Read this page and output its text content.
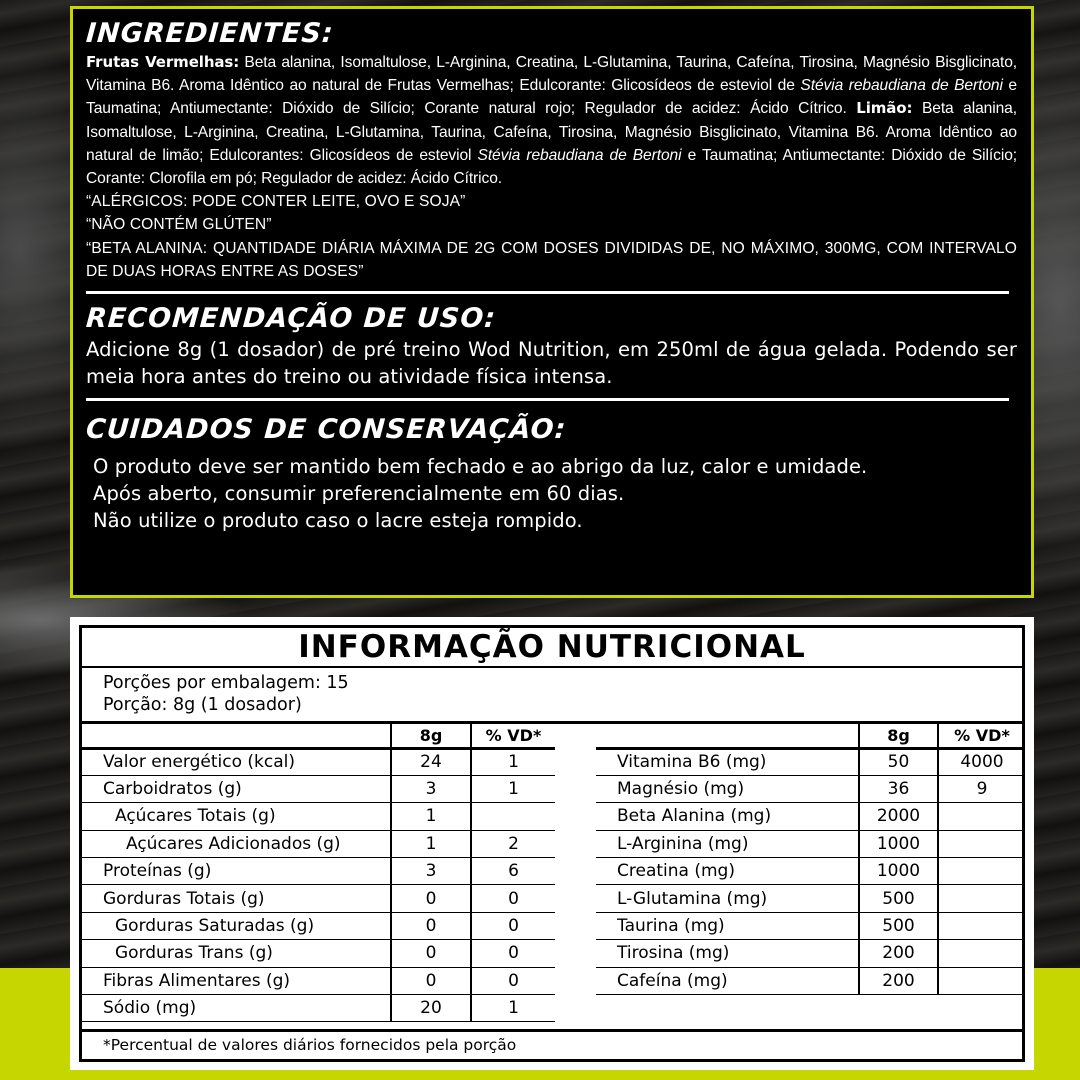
INGREDIENTES:

Frutas Vermelhas: Beta alanina, Isomaltulose, L-Arginina, Creatina, L-Glutamina, Taurina, Cafeína, Tirosina, Magnésio Bisglicinato, Vitamina B6. Aroma Idêntico ao natural de Frutas Vermelhas; Edulcorante: Glicosídeos de esteviol de Stévia rebaudiana de Bertoni e Taumatina; Antiumectante: Dióxido de Silício; Corante natural rojo; Regulador de acidez: Ácido Cítrico. Limão: Beta alanina, Isomaltulose, L-Arginina, Creatina, L-Glutamina, Taurina, Cafeína, Tirosina, Magnésio Bisglicinato, Vitamina B6. Aroma Idêntico ao natural de limão; Edulcorantes: Glicosídeos de esteviol Stévia rebaudiana de Bertoni e Taumatina; Antiumectante: Dióxido de Silício; Corante: Clorofila em pó; Regulador de acidez: Ácido Cítrico.

“ALÉRGICOS: PODE CONTER LEITE, OVO E SOJA”
“NÃO CONTÉM GLÚTEN”
“BETA ALANINA: QUANTIDADE DIÁRIA MÁXIMA DE 2G COM DOSES DIVIDIDAS DE, NO MÁXIMO, 300MG, COM INTERVALO DE DUAS HORAS ENTRE AS DOSES”
RECOMENDAÇÃO DE USO:
Adicione 8g (1 dosador) de pré treino Wod Nutrition, em 250ml de água gelada. Podendo ser meia hora antes do treino ou atividade física intensa.
CUIDADOS DE CONSERVAÇÃO:
O produto deve ser mantido bem fechado e ao abrigo da luz, calor e umidade.
Após aberto, consumir preferencialmente em 60 dias.
Não utilize o produto caso o lacre esteja rompido.
INFORMAÇÃO NUTRICIONAL
Porções por embalagem: 15
Porção: 8g (1 dosador)
	8g	% VD*
Valor energético (kcal)	24	1
Carboidratos (g)	3	1
Açúcares Totais (g)	1	
Açúcares Adicionados (g)	1	2
Proteínas (g)	3	6
Gorduras Totais (g)	0	0
Gorduras Saturadas (g)	0	0
Gorduras Trans (g)	0	0
Fibras Alimentares (g)	0	0
Sódio (mg)	20	1
	8g	% VD*
Vitamina B6 (mg)	50	4000
Magnésio (mg)	36	9
Beta Alanina (mg)	2000	
L-Arginina (mg)	1000	
Creatina (mg)	1000	
L-Glutamina (mg)	500	
Taurina (mg)	500	
Tirosina (mg)	200	
Cafeína (mg)	200	
*Percentual de valores diários fornecidos pela porção
